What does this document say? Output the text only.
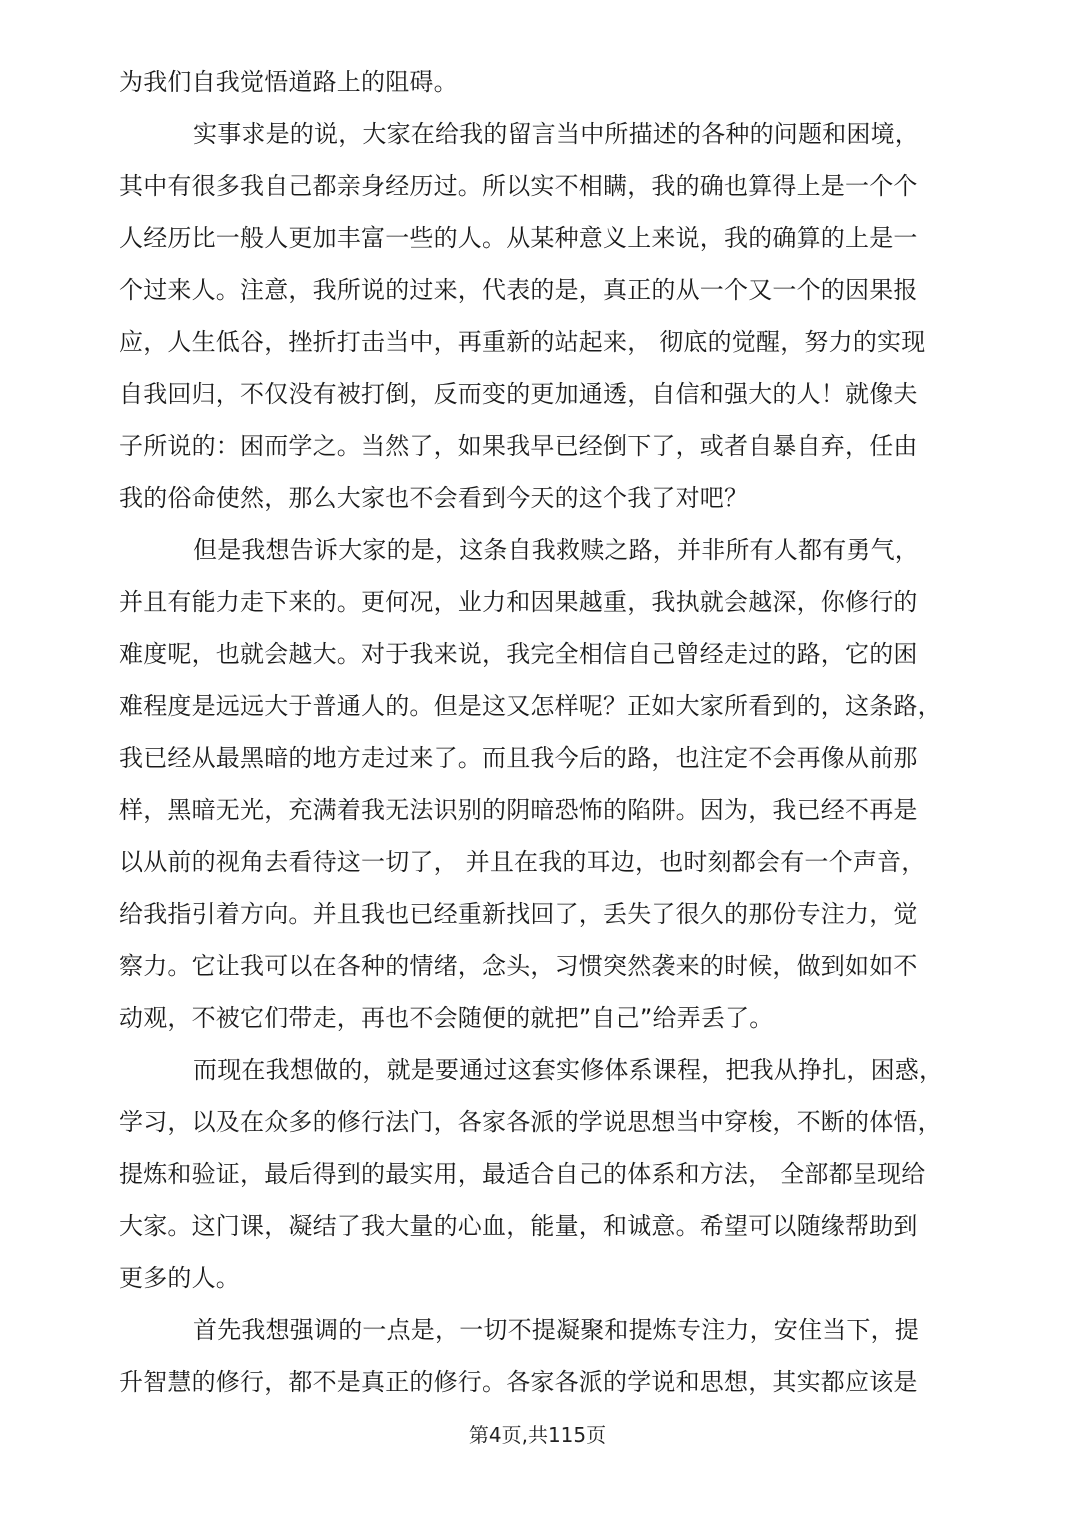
为我们自我觉悟道路上的阻碍。
实事求是的说，大家在给我的留言当中所描述的各种的问题和困境，
其中有很多我自己都亲身经历过。所以实不相瞒，我的确也算得上是一个个
人经历比一般人更加丰富一些的人。从某种意义上来说，我的确算的上是一
个过来人。注意，我所说的过来，代表的是，真正的从一个又一个的因果报
应，人生低谷，挫折打击当中，再重新的站起来， 彻底的觉醒，努力的实现
自我回归，不仅没有被打倒，反而变的更加通透，自信和强大的人！就像夫
子所说的：困而学之。当然了，如果我早已经倒下了，或者自暴自弃，任由
我的俗命使然，那么大家也不会看到今天的这个我了对吧？
但是我想告诉大家的是，这条自我救赎之路，并非所有人都有勇气，
并且有能力走下来的。更何况，业力和因果越重，我执就会越深，你修行的
难度呢，也就会越大。对于我来说，我完全相信自己曾经走过的路，它的困
难程度是远远大于普通人的。但是这又怎样呢？正如大家所看到的，这条路，
我已经从最黑暗的地方走过来了。而且我今后的路，也注定不会再像从前那
样，黑暗无光，充满着我无法识别的阴暗恐怖的陷阱。因为，我已经不再是
以从前的视角去看待这一切了， 并且在我的耳边，也时刻都会有一个声音，
给我指引着方向。并且我也已经重新找回了，丢失了很久的那份专注力，觉
察力。它让我可以在各种的情绪，念头，习惯突然袭来的时候，做到如如不
动观，不被它们带走，再也不会随便的就把”自己”给弄丢了。
而现在我想做的，就是要通过这套实修体系课程，把我从挣扎，困惑，
学习，以及在众多的修行法门，各家各派的学说思想当中穿梭，不断的体悟，
提炼和验证，最后得到的最实用，最适合自己的体系和方法， 全部都呈现给
大家。这门课，凝结了我大量的心血，能量，和诚意。希望可以随缘帮助到
更多的人。
首先我想强调的一点是，一切不提凝聚和提炼专注力，安住当下，提
升智慧的修行，都不是真正的修行。各家各派的学说和思想，其实都应该是
第4页,共115页
